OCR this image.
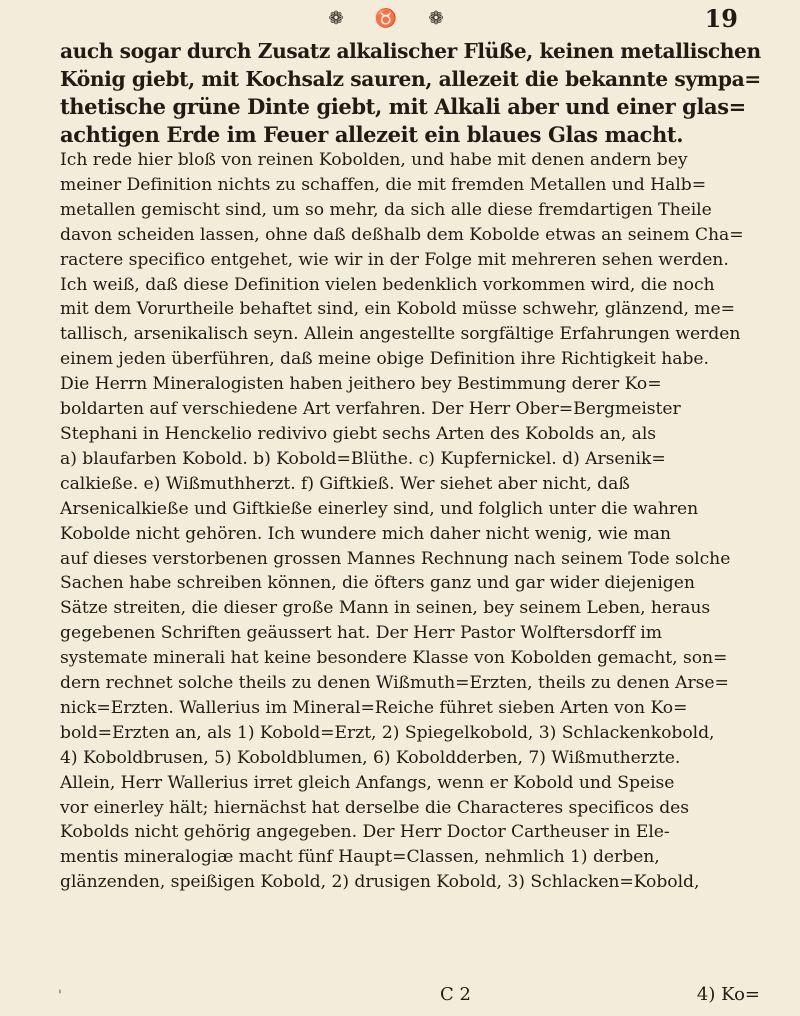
❁	♉	❁	19

auch sogar durch Zusatz alkalischer Flüße, keinen metallischen

König giebt, mit Kochsalz sauren, allezeit die bekannte sympa=

thetische grüne Dinte giebt, mit Alkali aber und einer glas=

achtigen Erde im Feuer allezeit ein blaues Glas macht.

Ich rede hier bloß von reinen Kobolden, und habe mit denen andern bey

meiner Definition nichts zu schaffen, die mit fremden Metallen und Halb=

metallen gemischt sind, um so mehr, da sich alle diese fremdartigen Theile

davon scheiden lassen, ohne daß deßhalb dem Kobolde etwas an seinem Cha=

ractere specifico entgehet, wie wir in der Folge mit mehreren sehen werden.

Ich weiß, daß diese Definition vielen bedenklich vorkommen wird, die noch

mit dem Vorurtheile behaftet sind, ein Kobold müsse schwehr, glänzend, me=

tallisch, arsenikalisch seyn. Allein angestellte sorgfältige Erfahrungen werden

einem jeden überführen, daß meine obige Definition ihre Richtigkeit habe.

Die Herrn Mineralogisten haben jeithero bey Bestimmung derer Ko=

boldarten auf verschiedene Art verfahren. Der Herr Ober=Bergmeister

Stephani in Henckelio redivivo giebt sechs Arten des Kobolds an, als

a) blaufarben Kobold. b) Kobold=Blüthe. c) Kupfernickel. d) Arsenik=

calkieße. e) Wißmuthherzt. f) Giftkieß. Wer siehet aber nicht, daß

Arsenicalkieße und Giftkieße einerley sind, und folglich unter die wahren

Kobolde nicht gehören. Ich wundere mich daher nicht wenig, wie man

auf dieses verstorbenen grossen Mannes Rechnung nach seinem Tode solche

Sachen habe schreiben können, die öfters ganz und gar wider diejenigen

Sätze streiten, die dieser große Mann in seinen, bey seinem Leben, heraus

gegebenen Schriften geäussert hat. Der Herr Pastor Wolftersdorff im

systemate minerali hat keine besondere Klasse von Kobolden gemacht, son=

dern rechnet solche theils zu denen Wißmuth=Erzten, theils zu denen Arse=

nick=Erzten. Wallerius im Mineral=Reiche führet sieben Arten von Ko=

bold=Erzten an, als 1) Kobold=Erzt, 2) Spiegelkobold, 3) Schlackenkobold,

4) Koboldbrusen, 5) Koboldblumen, 6) Koboldderben, 7) Wißmutherzte.

Allein, Herr Wallerius irret gleich Anfangs, wenn er Kobold und Speise

vor einerley hält; hiernächst hat derselbe die Characteres specificos des

Kobolds nicht gehörig angegeben. Der Herr Doctor Cartheuser in Ele-

mentis mineralogiæ macht fünf Haupt=Classen, nehmlich 1) derben,

glänzenden, speißigen Kobold, 2) drusigen Kobold, 3) Schlacken=Kobold,

'	C 2	4) Ko=
